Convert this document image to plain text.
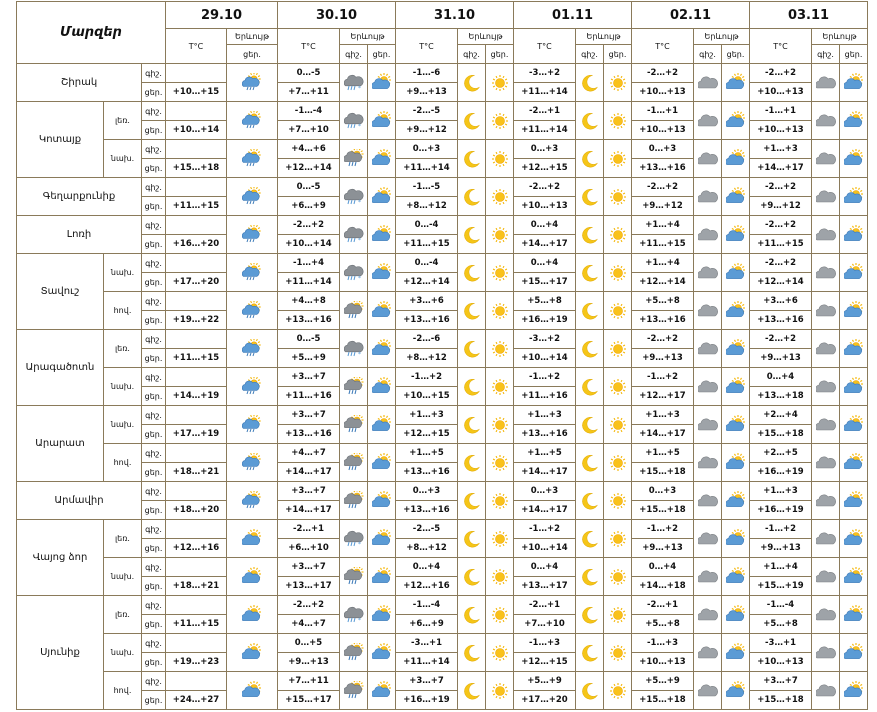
Մարզեր			29.10		30.10			31.10			01.11			02.11			03.11		
			T°C	Երևույթ	T°C	Երևույթ		T°C	Երևույթ		T°C	Երևույթ		T°C	Երևույթ		T°C	Երևույթ	
				ցեր.		գիշ.	ցեր.		գիշ.	ցեր.		գիշ.	ցեր.		գիշ.	ցեր.		գիշ.	ցեր.
Շիրակ		գիշ.			0…-5	*		-1…-6			-3…+2			-2…+2			-2…+2	

		ցեր.	+10…+15		+7…+11			+9…+13			+11…+14			+10…+13			+10…+13		
Կոտայք	լեռ.	գիշ.			-1…-4	*		-2…-5			-2…+1			-1…+1			-1…+1	

		ցեր.	+10…+14		+7…+10			+9…+12			+11…+14			+10…+13			+10…+13		
	նախ.	գիշ.			+4…+6			0…+3			0…+3			0…+3			+1…+3	

		ցեր.	+15…+18		+12…+14			+11…+14			+12…+15			+13…+16			+14…+17		
Գեղարքունիք		գիշ.			0…-5	*		-1…-5			-2…+2			-2…+2			-2…+2	

		ցեր.	+11…+15		+6…+9			+8…+12			+10…+13			+9…+12			+9…+12		
Լոռի		գիշ.			-2…+2	*		0…-4			0…+4			+1…+4			-2…+2	

		ցեր.	+16…+20		+10…+14			+11…+15			+14…+17			+11…+15			+11…+15		
Տավուշ	նախ.	գիշ.			-1…+4	*		0…-4			0…+4			+1…+4			-2…+2	

		ցեր.	+17…+20		+11…+14			+12…+14			+15…+17			+12…+14			+12…+14		
	հով.	գիշ.			+4…+8			+3…+6			+5…+8			+5…+8			+3…+6	

		ցեր.	+19…+22		+13…+16			+13…+16			+16…+19			+13…+16			+13…+16		
Արագածոտն	լեռ.	գիշ.			0…-5	*		-2…-6			-3…+2			-2…+2			-2…+2	

		ցեր.	+11…+15		+5…+9			+8…+12			+10…+14			+9…+13			+9…+13		
	նախ.	գիշ.			+3…+7			-1…+2			-1…+2			-1…+2			0…+4	

		ցեր.	+14…+19		+11…+16			+10…+15			+11…+16			+12…+17			+13…+18		
Արարատ	նախ.	գիշ.			+3…+7			+1…+3			+1…+3			+1…+3			+2…+4	

		ցեր.	+17…+19		+13…+16			+12…+15			+13…+16			+14…+17			+15…+18		
	հով.	գիշ.			+4…+7			+1…+5			+1…+5			+1…+5			+2…+5	

		ցեր.	+18…+21		+14…+17			+13…+16			+14…+17			+15…+18			+16…+19		
Արմավիր		գիշ.			+3…+7			0…+3			0…+3			0…+3			+1…+3	

		ցեր.	+18…+20		+14…+17			+13…+16			+14…+17			+15…+18			+16…+19		
Վայոց ձոր	լեռ.	գիշ.			-2…+1	*		-2…-5			-1…+2			-1…+2			-1…+2	

		ցեր.	+12…+16		+6…+10			+8…+12			+10…+14			+9…+13			+9…+13		
	նախ.	գիշ.			+3…+7			0…+4			0…+4			0…+4			+1…+4	

		ցեր.	+18…+21		+13…+17			+12…+16			+13…+17			+14…+18			+15…+19		
Սյունիք	լեռ.	գիշ.			-2…+2	*		-1…-4			-2…+1			-2…+1			-1…-4	

		ցեր.	+11…+15		+4…+7			+6…+9			+7…+10			+5…+8			+5…+8		
	նախ.	գիշ.			0…+5			-3…+1			-1…+3			-1…+3			-3…+1	

		ցեր.	+19…+23		+9…+13			+11…+14			+12…+15			+10…+13			+10…+13		
	հով.	գիշ.			+7…+11			+3…+7			+5…+9			+5…+9			+3…+7	

		ցեր.	+24…+27		+15…+17			+16…+19			+17…+20			+15…+18			+15…+18		
